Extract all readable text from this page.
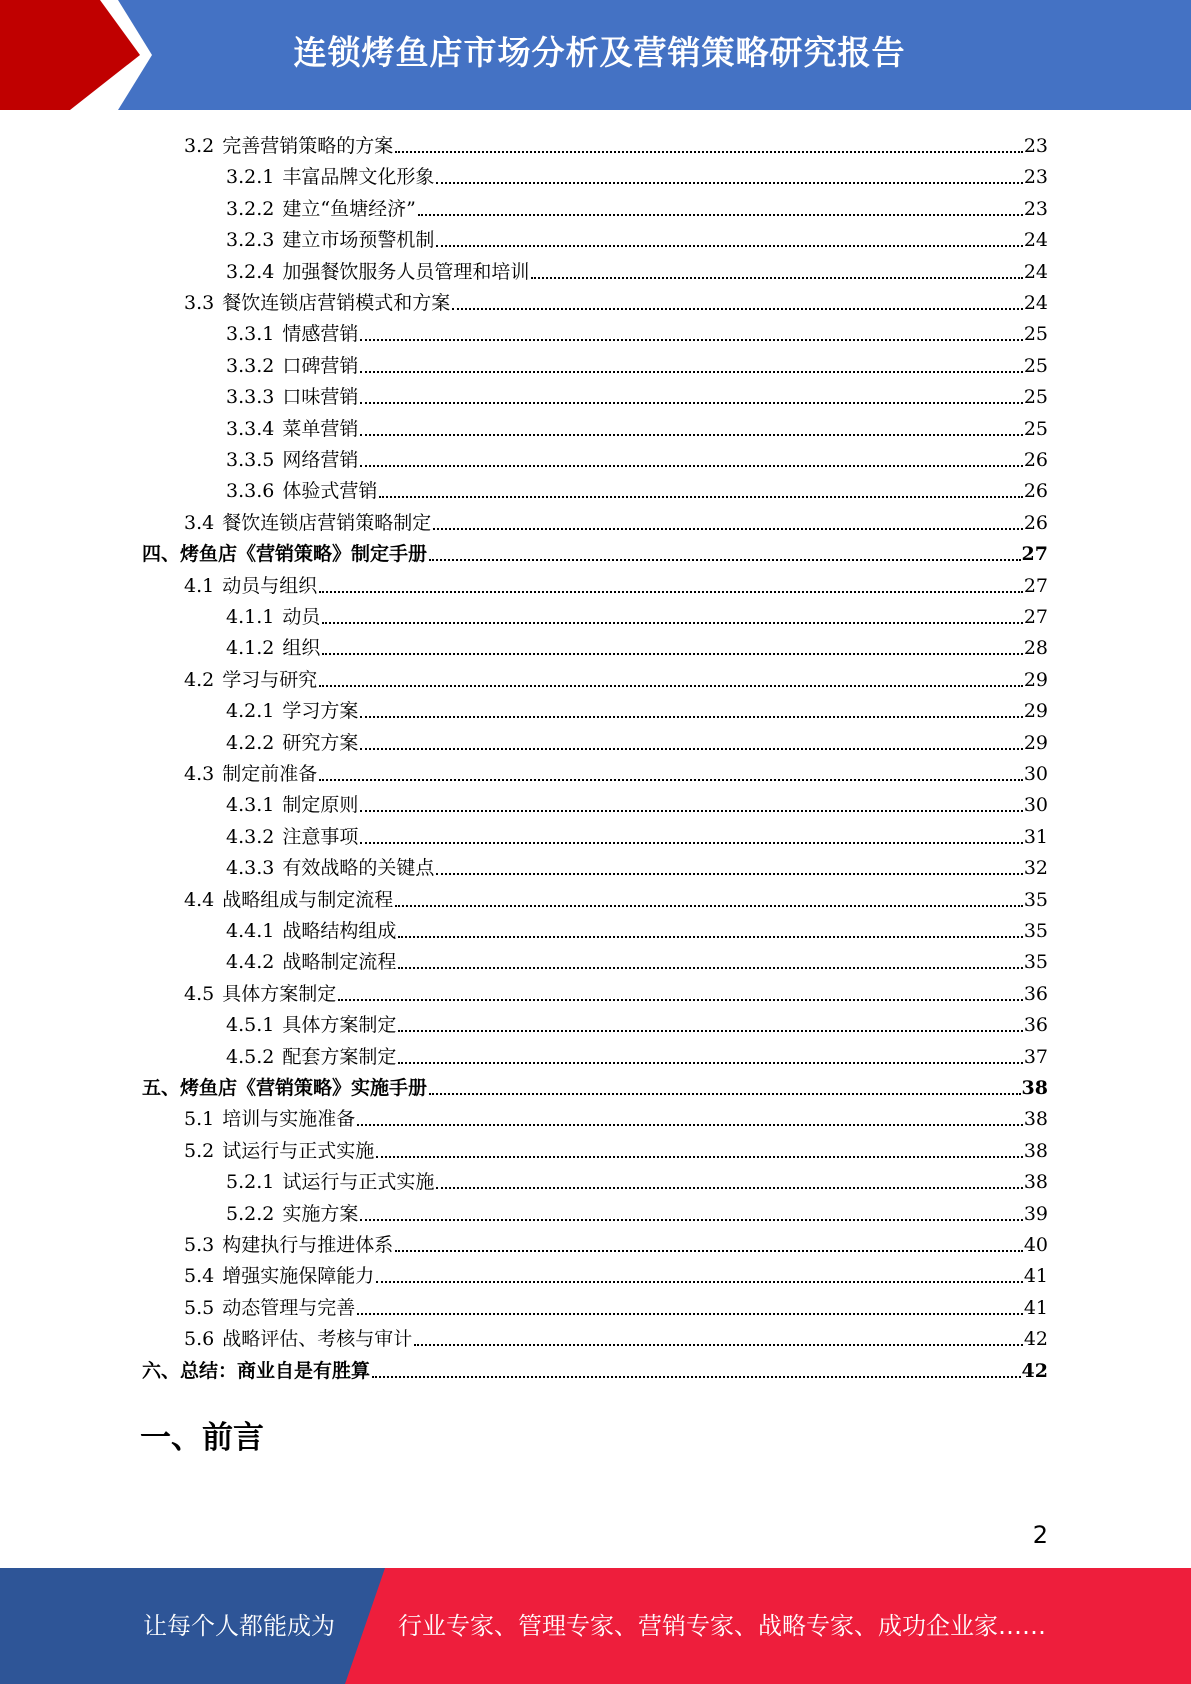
连锁烤鱼店市场分析及营销策略研究报告
3.2 完善营销策略的方案	23
3.2.1 丰富品牌文化形象	23
3.2.2 建立“鱼塘经济”	23
3.2.3 建立市场预警机制	24
3.2.4 加强餐饮服务人员管理和培训	24
3.3 餐饮连锁店营销模式和方案	24
3.3.1 情感营销	25
3.3.2 口碑营销	25
3.3.3 口味营销	25
3.3.4 菜单营销	25
3.3.5 网络营销	26
3.3.6 体验式营销	26
3.4 餐饮连锁店营销策略制定	26
四、烤鱼店《营销策略》制定手册	27
4.1 动员与组织	27
4.1.1 动员	27
4.1.2 组织	28
4.2 学习与研究	29
4.2.1 学习方案	29
4.2.2 研究方案	29
4.3 制定前准备	30
4.3.1 制定原则	30
4.3.2 注意事项	31
4.3.3 有效战略的关键点	32
4.4 战略组成与制定流程	35
4.4.1 战略结构组成	35
4.4.2 战略制定流程	35
4.5 具体方案制定	36
4.5.1 具体方案制定	36
4.5.2 配套方案制定	37
五、烤鱼店《营销策略》实施手册	38
5.1 培训与实施准备	38
5.2 试运行与正式实施	38
5.2.1 试运行与正式实施	38
5.2.2 实施方案	39
5.3 构建执行与推进体系	40
5.4 增强实施保障能力	41
5.5 动态管理与完善	41
5.6 战略评估、考核与审计	42
六、总结：商业自是有胜算	42
一、前言
2
让每个人都能成为	行业专家、管理专家、营销专家、战略专家、成功企业家……
